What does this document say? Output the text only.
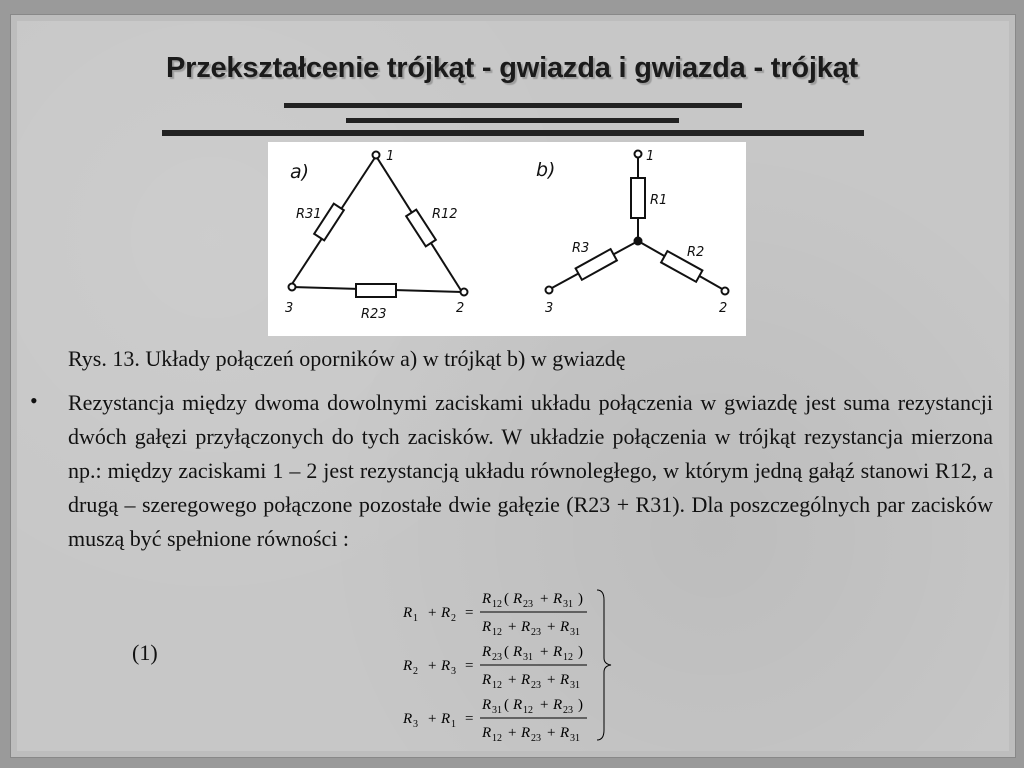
Przekształcenie trójkąt - gwiazda i gwiazda - trójkąt
a)
1
2
3
R31	R12
R23
b)
1
2
3
R1
R2
R3
Rys. 13. Układy połączeń oporników a) w trójkąt b) w gwiazdę
• Rezystancja między dwoma dowolnymi zaciskami układu połączenia w gwiazdę jest suma rezystancji dwóch gałęzi przyłączonych do tych zacisków. W układzie połączenia w trójkąt rezystancja mierzona np.: między zaciskami 1 – 2 jest rezystancją układu równoległego, w którym jedną gałąź stanowi R12, a drugą – szeregowego połączone pozostałe dwie gałęzie (R23 + R31). Dla poszczególnych par zacisków muszą być spełnione równości :
(1)
R 1 + R 2 =
R 12 ( R 23 + R 31 )
R 12 + R 23 + R 31
R 2 + R 3 =
R 23 ( R 31 + R 12 )
R 12 + R 23 + R 31
R 3 + R 1 =
R 31 ( R 12 + R 23 )
R 12 + R 23 + R 31
